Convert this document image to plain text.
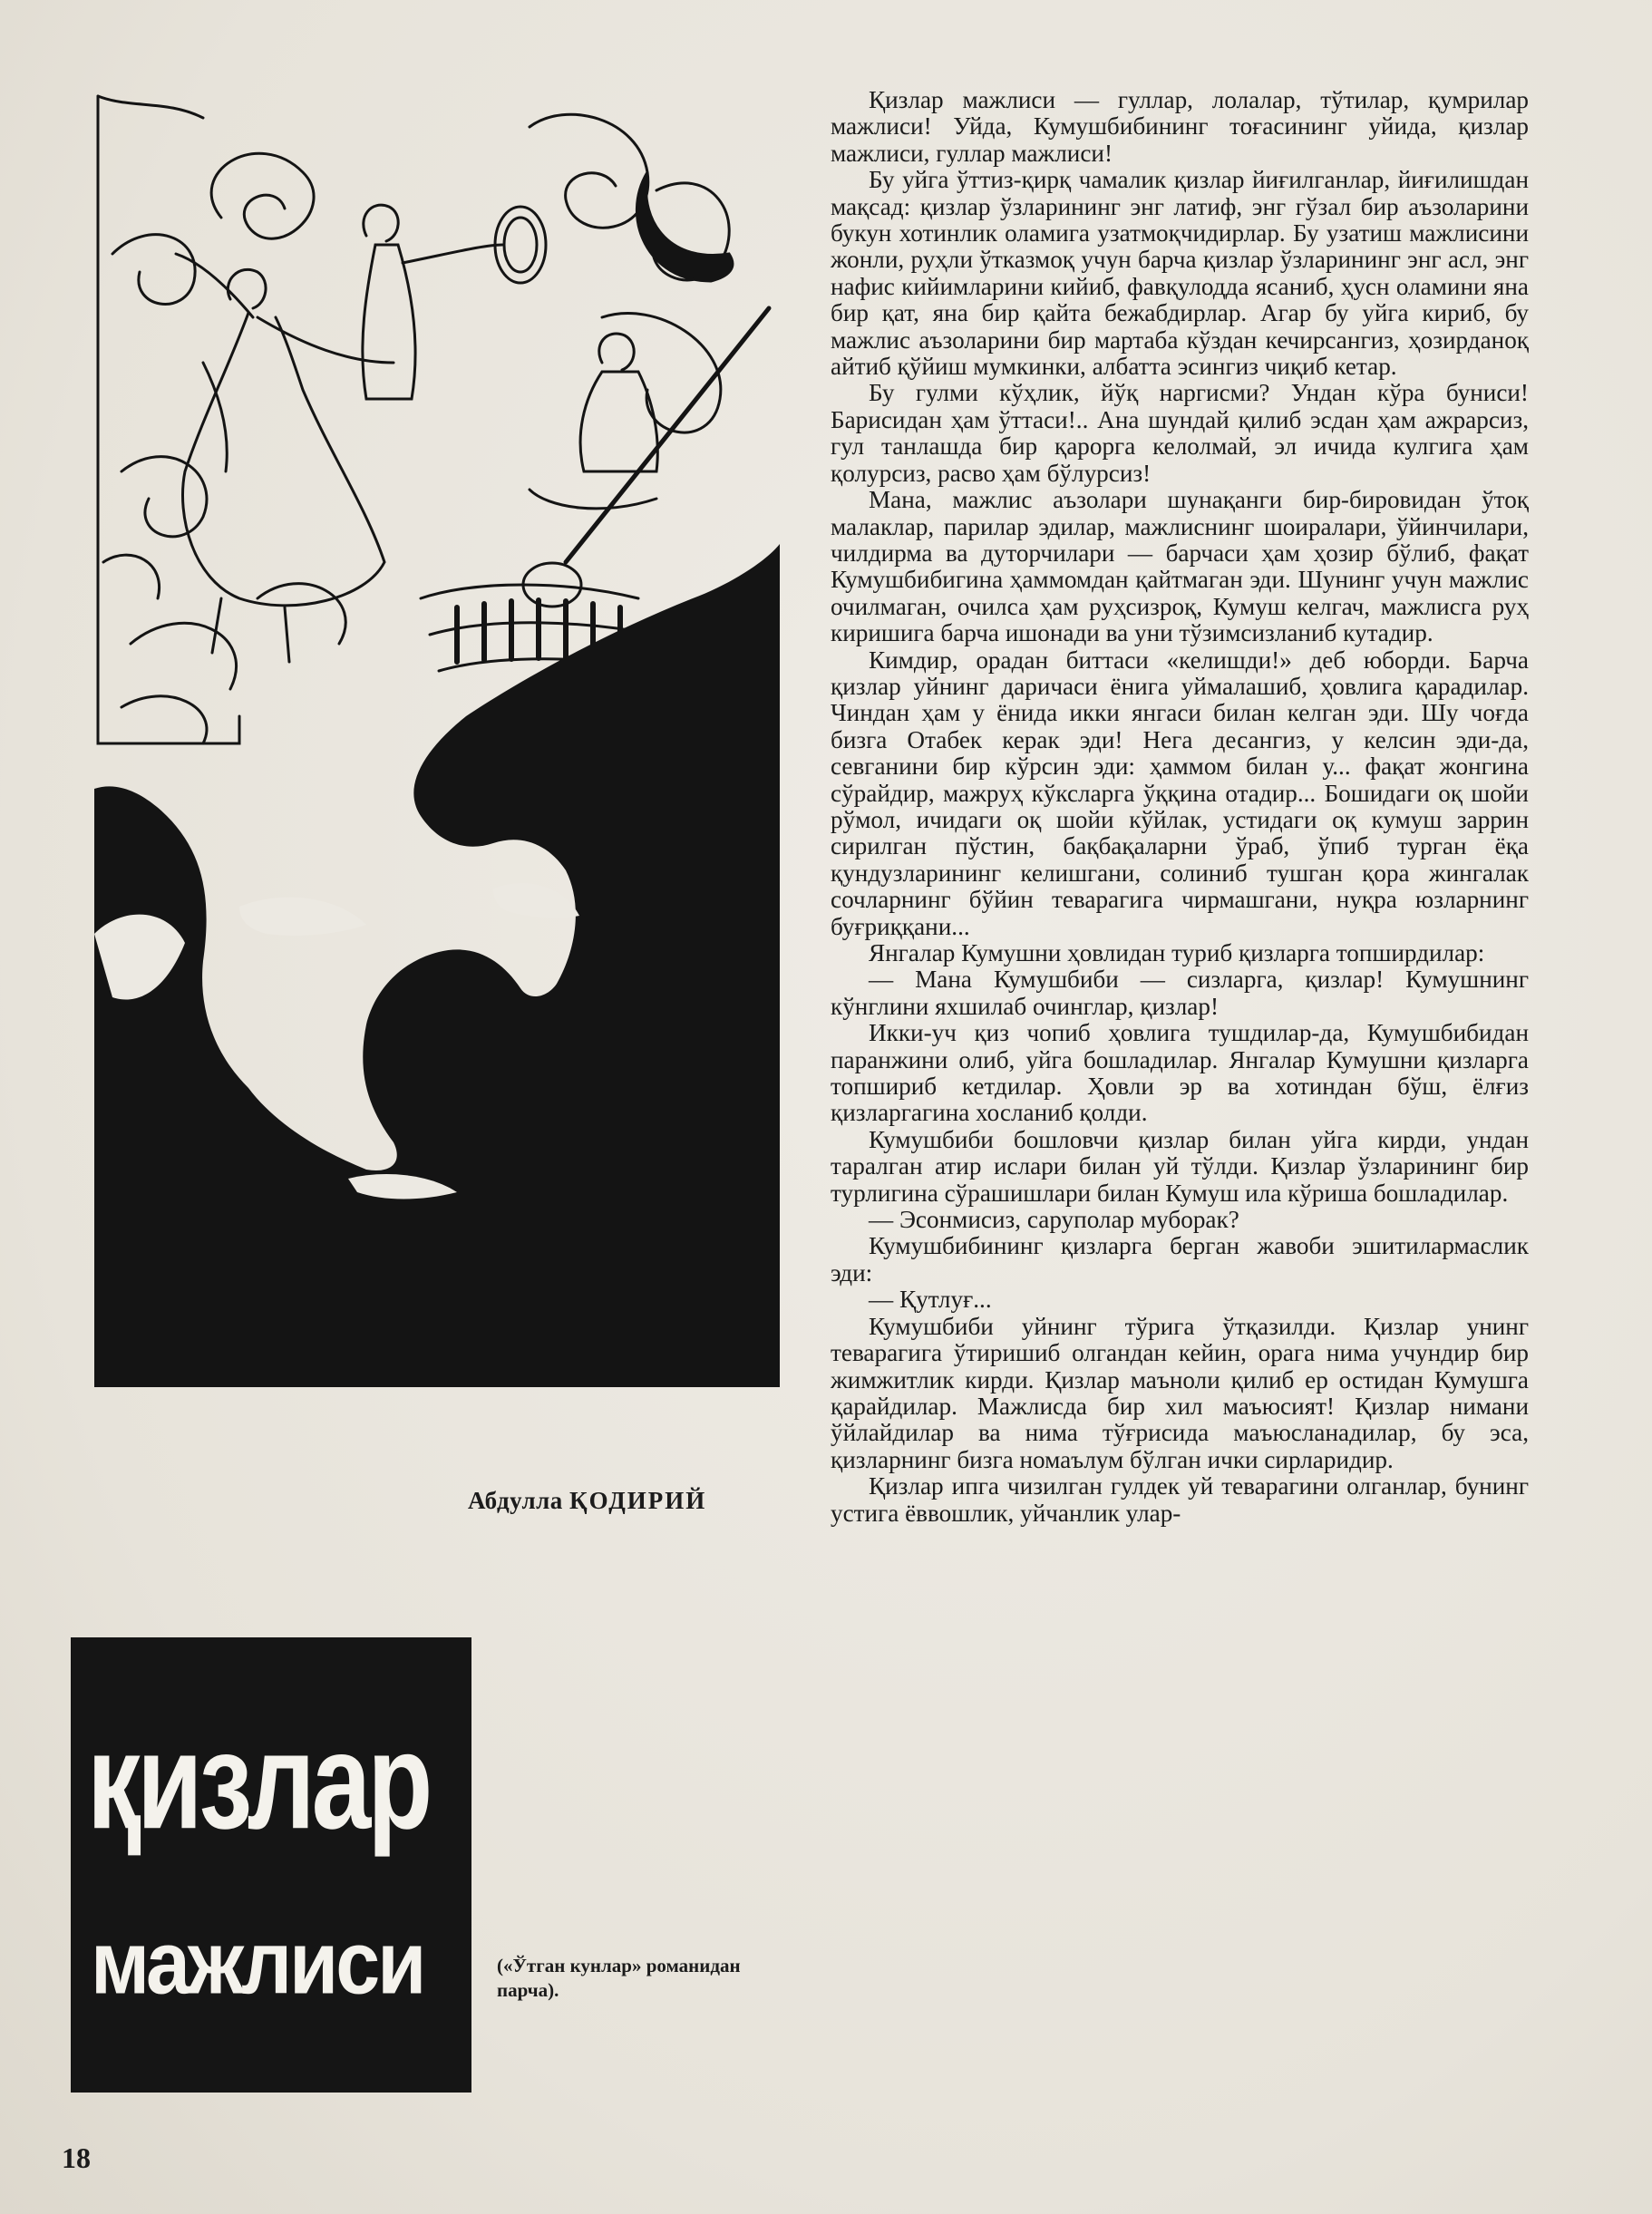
Абдулла ҚОДИРИЙ
қизлар
мажлиси	(«Ўтган кунлар» романидан парча).

Қизлар мажлиси — гуллар, лолалар, тўтилар, қумрилар мажлиси! Уйда, Кумушбибининг тоғасининг уйида, қизлар мажлиси, гуллар мажлиси!

Бу уйга ўттиз-қирқ чамалик қизлар йиғилганлар, йиғилишдан мақсад: қизлар ўзларининг энг латиф, энг гўзал бир аъзоларини букун хотинлик оламига узатмоқчидирлар. Бу узатиш мажлисини жонли, руҳли ўтказмоқ учун барча қизлар ўзларининг энг асл, энг нафис кийимларини кийиб, фавқулодда ясаниб, ҳусн оламини яна бир қат, яна бир қайта бежабдирлар. Агар бу уйга кириб, бу мажлис аъзоларини бир мартаба кўздан кечирсангиз, ҳозирданоқ айтиб қўйиш мумкинки, албатта эсингиз чиқиб кетар.

Бу гулми кўҳлик, йўқ наргисми? Ундан кўра буниси! Барисидан ҳам ўттаси!.. Ана шундай қилиб эсдан ҳам ажрарсиз, гул танлашда бир қарорга келолмай, эл ичида кулгига ҳам қолурсиз, расво ҳам бўлурсиз!

Мана, мажлис аъзолари шунақанги бир-бировидан ўтоқ малаклар, парилар эдилар, мажлиснинг шоиралари, ўйинчилари, чилдирма ва дуторчилари — барчаси ҳам ҳозир бўлиб, фақат Кумушбибигина ҳаммомдан қайтмаган эди. Шунинг учун мажлис очилмаган, очилса ҳам руҳсизроқ, Кумуш келгач, мажлисга руҳ киришига барча ишонади ва уни тўзимсизланиб кутадир.

Кимдир, орадан биттаси «келишди!» деб юборди. Барча қизлар уйнинг даричаси ёнига уймалашиб, ҳовлига қарадилар. Чиндан ҳам у ёнида икки янгаси билан келган эди. Шу чоғда бизга Отабек керак эди! Нега десангиз, у келсин эди-да, севганини бир кўрсин эди: ҳаммом билан у... фақат жонгина сўрайдир, мажруҳ кўксларга ўққина отадир... Бошидаги оқ шойи рўмол, ичидаги оқ шойи кўйлак, устидаги оқ кумуш заррин сирилган пўстин, бақбақаларни ўраб, ўпиб турган ёқа қундузларининг келишгани, солиниб тушган қора жингалак сочларнинг бўйин теварагига чирмашгани, нуқра юзларнинг буғриққани...

Янгалар Кумушни ҳовлидан туриб қизларга топширдилар:

— Мана Кумушбиби — сизларга, қизлар! Кумушнинг кўнглини яхшилаб очинглар, қизлар!

Икки-уч қиз чопиб ҳовлига тушдилар-да, Кумушбибидан паранжини олиб, уйга бошладилар. Янгалар Кумушни қизларга топшириб кетдилар. Ҳовли эр ва хотиндан бўш, ёлғиз қизларгагина хосланиб қолди.

Кумушбиби бошловчи қизлар билан уйга кирди, ундан таралган атир ислари билан уй тўлди. Қизлар ўзларининг бир турлигина сўрашишлари билан Кумуш ила кўриша бошладилар.

— Эсонмисиз, саруполар муборак?

Кумушбибининг қизларга берган жавоби эшитилармаслик эди:

— Қутлуғ...

Кумушбиби уйнинг тўрига ўтқазилди. Қизлар унинг теварагига ўтиришиб олгандан кейин, орага нима учундир бир жимжитлик кирди. Қизлар маъноли қилиб ер остидан Кумушга қарайдилар. Мажлисда бир хил маъюсият! Қизлар нимани ўйлайдилар ва нима тўғрисида маъюсланадилар, бу эса, қизларнинг бизга номаълум бўлган ички сирларидир.

Қизлар ипга чизилган гулдек уй теварагини олганлар, бунинг устига ёввошлик, уйчанлик улар-

18
